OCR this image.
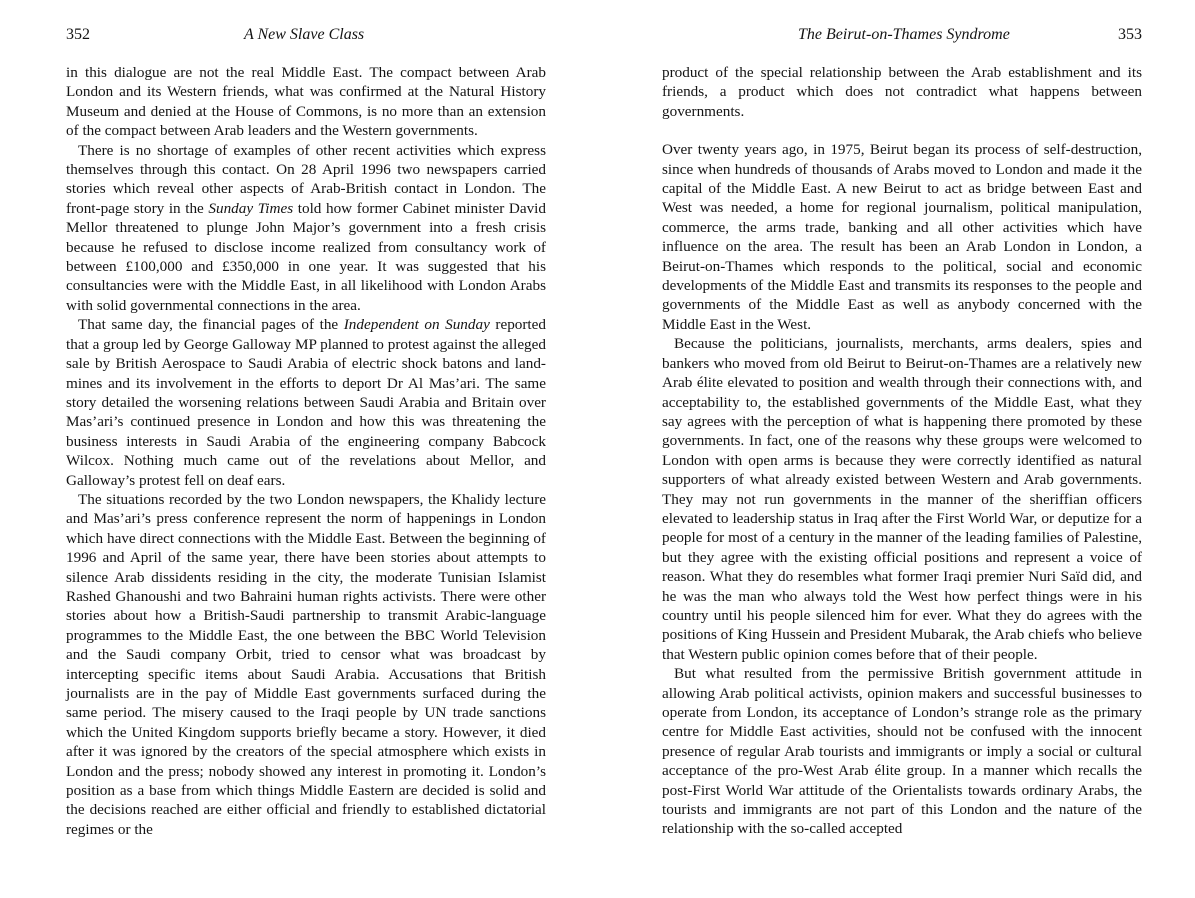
352	A New Slave Class

in this dialogue are not the real Middle East. The compact between Arab London and its Western friends, what was confirmed at the Natural History Museum and denied at the House of Commons, is no more than an extension of the compact between Arab leaders and the Western governments.

There is no shortage of examples of other recent activities which express themselves through this contact. On 28 April 1996 two newspapers carried stories which reveal other aspects of Arab-British contact in London. The front-page story in the Sunday Times told how former Cabinet minister David Mellor threatened to plunge John Major’s government into a fresh crisis because he refused to disclose income realized from consultancy work of between £100,000 and £350,000 in one year. It was suggested that his consultancies were with the Middle East, in all likelihood with London Arabs with solid governmental connections in the area.

That same day, the financial pages of the Independent on Sunday reported that a group led by George Galloway MP planned to protest against the alleged sale by British Aerospace to Saudi Arabia of electric shock batons and land-mines and its involvement in the efforts to deport Dr Al Mas’ari. The same story detailed the worsening relations between Saudi Arabia and Britain over Mas’ari’s continued presence in London and how this was threatening the business interests in Saudi Arabia of the engineering company Babcock Wilcox. Nothing much came out of the revelations about Mellor, and Galloway’s protest fell on deaf ears.

The situations recorded by the two London newspapers, the Khalidy lecture and Mas’ari’s press conference represent the norm of happenings in London which have direct connections with the Middle East. Between the beginning of 1996 and April of the same year, there have been stories about attempts to silence Arab dissidents residing in the city, the moderate Tunisian Islamist Rashed Ghanoushi and two Bahraini human rights activists. There were other stories about how a British-Saudi partnership to transmit Arabic-language programmes to the Middle East, the one between the BBC World Television and the Saudi company Orbit, tried to censor what was broadcast by intercepting specific items about Saudi Arabia. Accusations that British journalists are in the pay of Middle East governments surfaced during the same period. The misery caused to the Iraqi people by UN trade sanctions which the United Kingdom supports briefly became a story. However, it died after it was ignored by the creators of the special atmosphere which exists in London and the press; nobody showed any interest in promoting it. London’s position as a base from which things Middle Eastern are decided is solid and the decisions reached are either official and friendly to established dictatorial regimes or the

The Beirut-on-Thames Syndrome	353

product of the special relationship between the Arab establishment and its friends, a product which does not contradict what happens between governments.

Over twenty years ago, in 1975, Beirut began its process of self-destruction, since when hundreds of thousands of Arabs moved to London and made it the capital of the Middle East. A new Beirut to act as bridge between East and West was needed, a home for regional journalism, political manipulation, commerce, the arms trade, banking and all other activities which have influence on the area. The result has been an Arab London in London, a Beirut-on-Thames which responds to the political, social and economic developments of the Middle East and transmits its responses to the people and governments of the Middle East as well as anybody concerned with the Middle East in the West.

Because the politicians, journalists, merchants, arms dealers, spies and bankers who moved from old Beirut to Beirut-on-Thames are a relatively new Arab élite elevated to position and wealth through their connections with, and acceptability to, the established governments of the Middle East, what they say agrees with the perception of what is happening there promoted by these governments. In fact, one of the reasons why these groups were welcomed to London with open arms is because they were correctly identified as natural supporters of what already existed between Western and Arab governments. They may not run governments in the manner of the sheriffian officers elevated to leadership status in Iraq after the First World War, or deputize for a people for most of a century in the manner of the leading families of Palestine, but they agree with the existing official positions and represent a voice of reason. What they do resembles what former Iraqi premier Nuri Saïd did, and he was the man who always told the West how perfect things were in his country until his people silenced him for ever. What they do agrees with the positions of King Hussein and President Mubarak, the Arab chiefs who believe that Western public opinion comes before that of their people.

But what resulted from the permissive British government attitude in allowing Arab political activists, opinion makers and successful businesses to operate from London, its acceptance of London’s strange role as the primary centre for Middle East activities, should not be confused with the innocent presence of regular Arab tourists and immigrants or imply a social or cultural acceptance of the pro-West Arab élite group. In a manner which recalls the post-First World War attitude of the Orientalists towards ordinary Arabs, the tourists and immigrants are not part of this London and the nature of the relationship with the so-called accepted
